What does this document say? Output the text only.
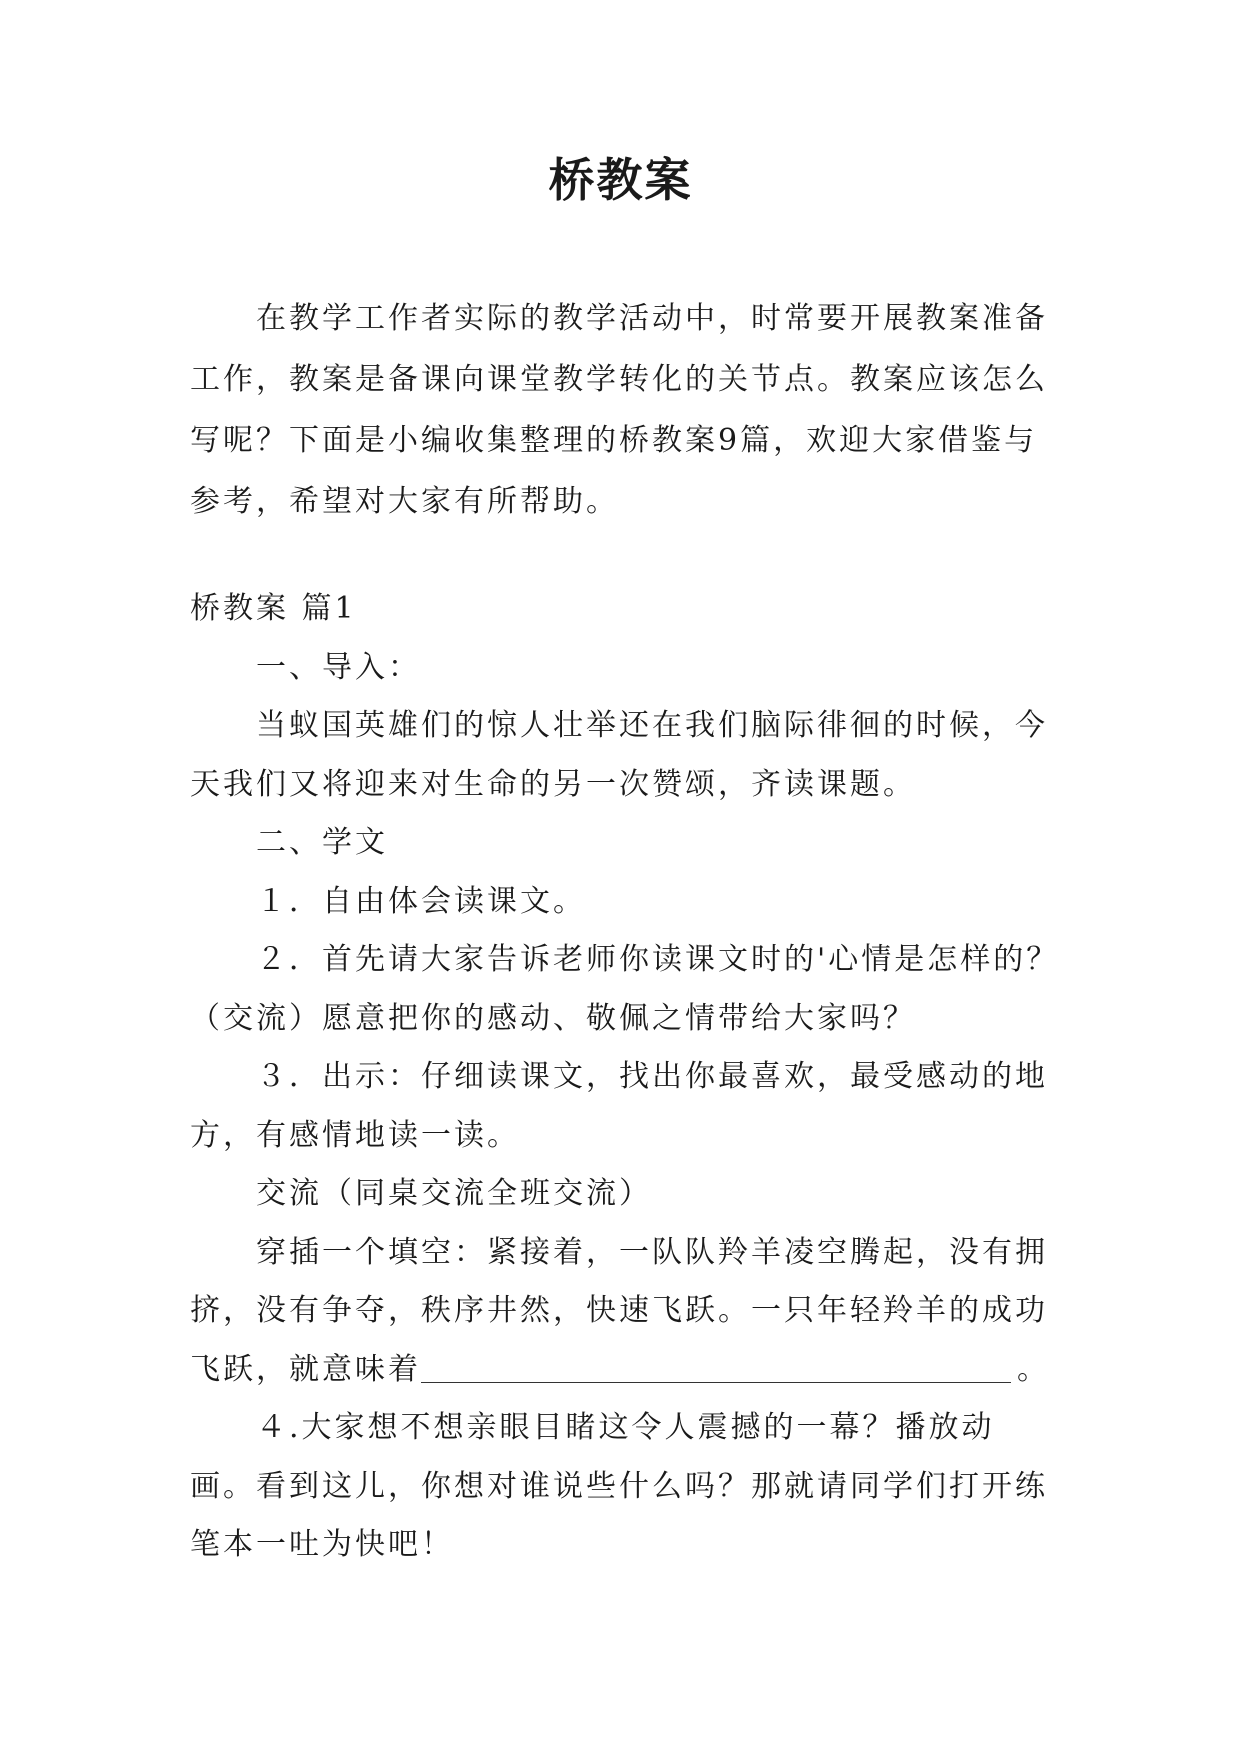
桥教案

在教学工作者实际的教学活动中，时常要开展教案准备工作，教案是备课向课堂教学转化的关节点。教案应该怎么写呢？下面是小编收集整理的桥教案9篇，欢迎大家借鉴与参考，希望对大家有所帮助。

桥教案 篇1

一、导入：

当蚁国英雄们的惊人壮举还在我们脑际徘徊的时候，今天我们又将迎来对生命的另一次赞颂，齐读课题。

二、学文

１．自由体会读课文。

２．首先请大家告诉老师你读课文时的'心情是怎样的？（交流）愿意把你的感动、敬佩之情带给大家吗？

３．出示：仔细读课文，找出你最喜欢，最受感动的地方，有感情地读一读。

交流（同桌交流全班交流）

穿插一个填空：紧接着，一队队羚羊凌空腾起，没有拥挤，没有争夺，秩序井然，快速飞跃。一只年轻羚羊的成功飞跃，就意味着	。

４.大家想不想亲眼目睹这令人震撼的一幕？播放动画。看到这儿，你想对谁说些什么吗？那就请同学们打开练笔本一吐为快吧！
